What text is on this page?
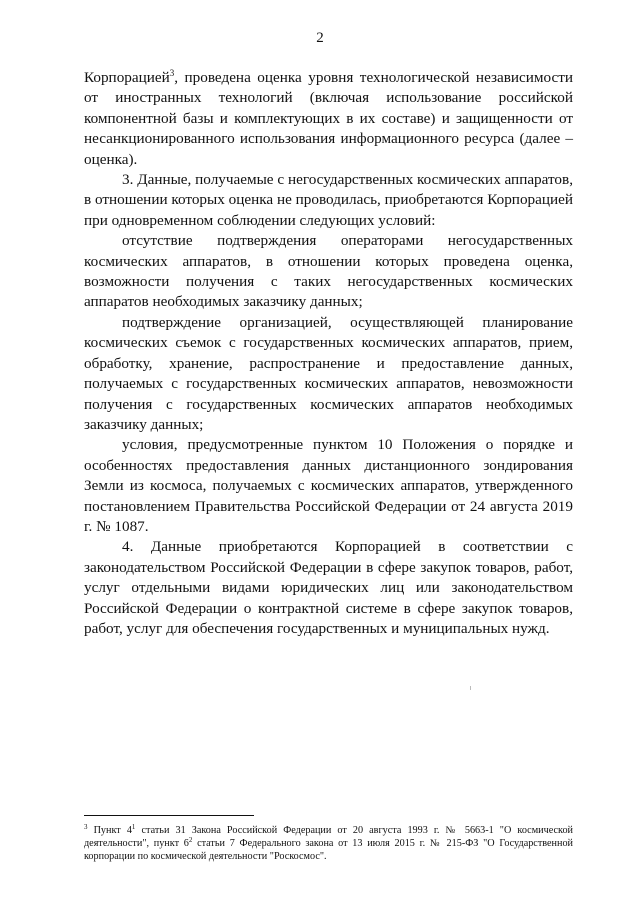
2

Корпорацией$^3$, проведена оценка уровня технологической независимости от иностранных технологий (включая использование российской компонентной базы и комплектующих в их составе) и защищенности от несанкционированного использования информационного ресурса (далее – оценка).

3. Данные, получаемые с негосударственных космических аппаратов, в отношении которых оценка не проводилась, приобретаются Корпорацией при одновременном соблюдении следующих условий:

отсутствие подтверждения операторами негосударственных космических аппаратов, в отношении которых проведена оценка, возможности получения с таких негосударственных космических аппаратов необходимых заказчику данных;

подтверждение организацией, осуществляющей планирование космических съемок с государственных космических аппаратов, прием, обработку, хранение, распространение и предоставление данных, получаемых с государственных космических аппаратов, невозможности получения с государственных космических аппаратов необходимых заказчику данных;

условия, предусмотренные пунктом 10 Положения о порядке и особенностях предоставления данных дистанционного зондирования Земли из космоса, получаемых с космических аппаратов, утвержденного постановлением Правительства Российской Федерации от 24 августа 2019 г. № 1087.

4. Данные приобретаются Корпорацией в соответствии с законодательством Российской Федерации в сфере закупок товаров, работ, услуг отдельными видами юридических лиц или законодательством Российской Федерации о контрактной системе в сфере закупок товаров, работ, услуг для обеспечения государственных и муниципальных нужд.

$^3$ Пункт $4^1$ статьи 31 Закона Российской Федерации от 20 августа 1993 г. № 5663-1 "О космической деятельности", пункт $6^2$ статьи 7 Федерального закона от 13 июля 2015 г. № 215-ФЗ "О Государственной корпорации по космической деятельности "Роскосмос".
